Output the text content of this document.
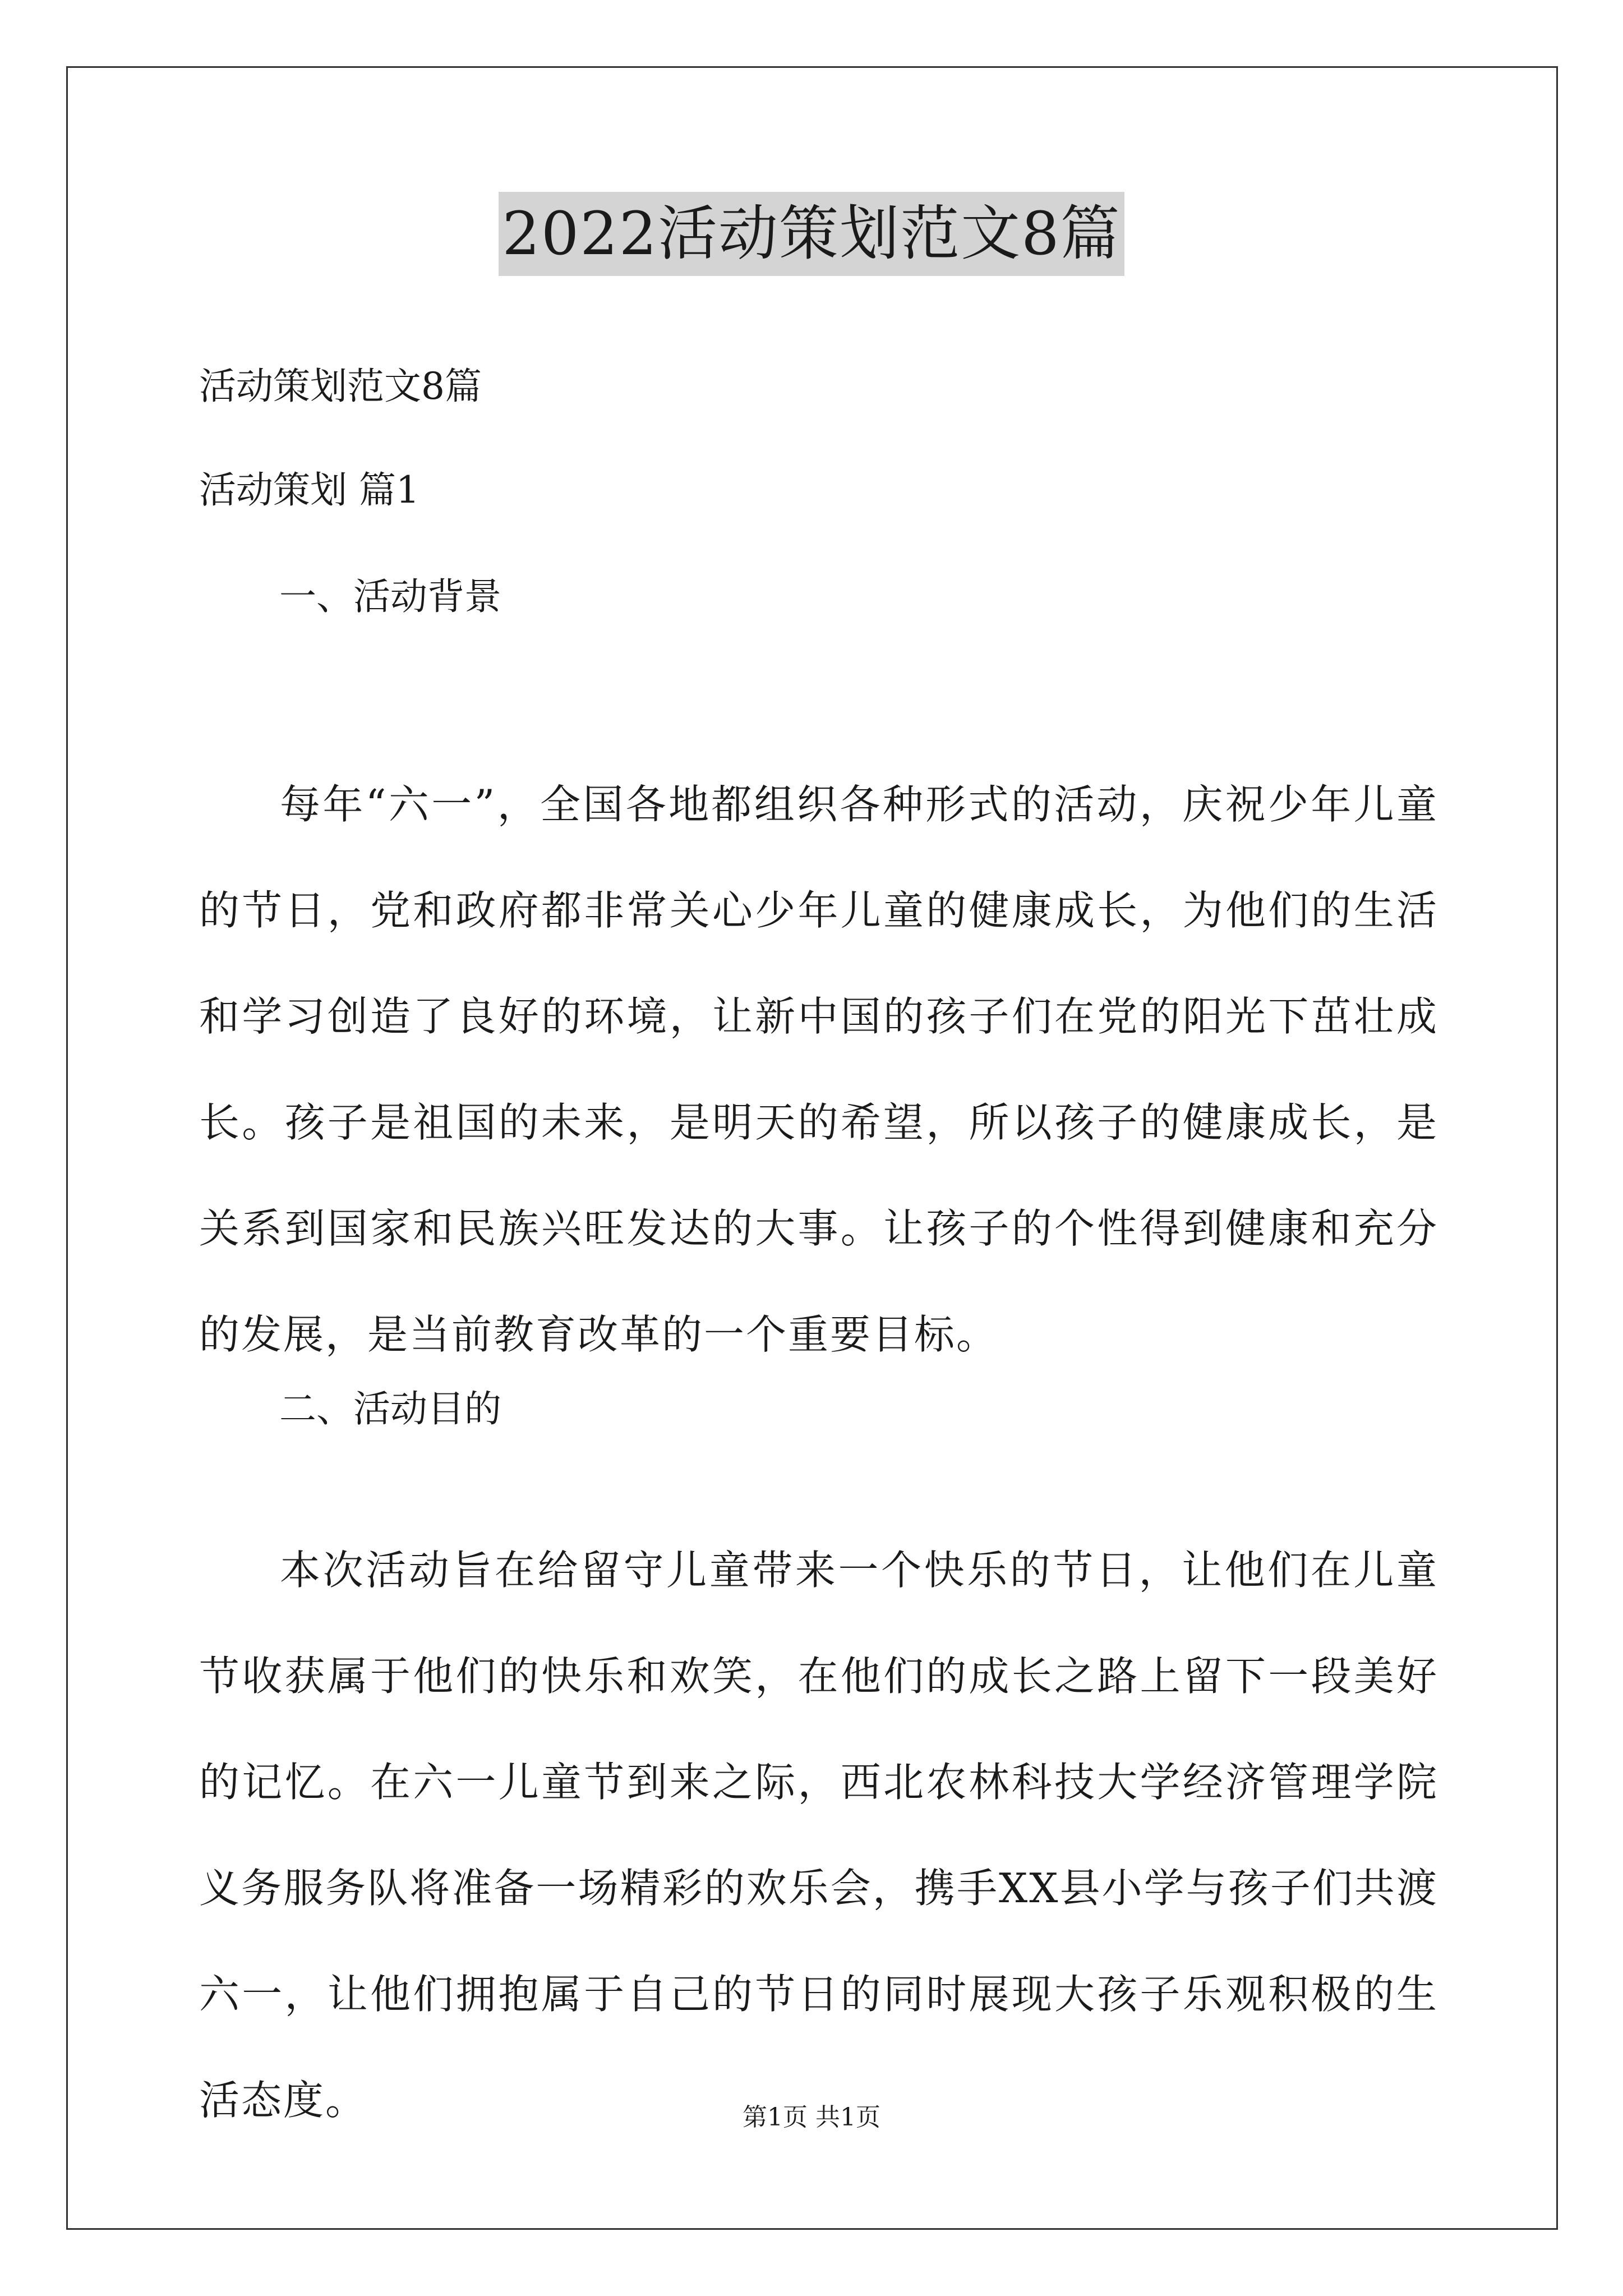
2022活动策划范文8篇

活动策划范文8篇

活动策划 篇1

一、活动背景

每年“六一”，全国各地都组织各种形式的活动，庆祝少年儿童的节日，党和政府都非常关心少年儿童的健康成长，为他们的生活和学习创造了良好的环境，让新中国的孩子们在党的阳光下茁壮成长。孩子是祖国的未来，是明天的希望，所以孩子的健康成长，是关系到国家和民族兴旺发达的大事。让孩子的个性得到健康和充分的发展，是当前教育改革的一个重要目标。

二、活动目的

本次活动旨在给留守儿童带来一个快乐的节日，让他们在儿童节收获属于他们的快乐和欢笑，在他们的成长之路上留下一段美好的记忆。在六一儿童节到来之际，西北农林科技大学经济管理学院义务服务队将准备一场精彩的欢乐会，携手XX县小学与孩子们共渡六一，让他们拥抱属于自己的节日的同时展现大孩子乐观积极的生活态度。	第1页 共1页
